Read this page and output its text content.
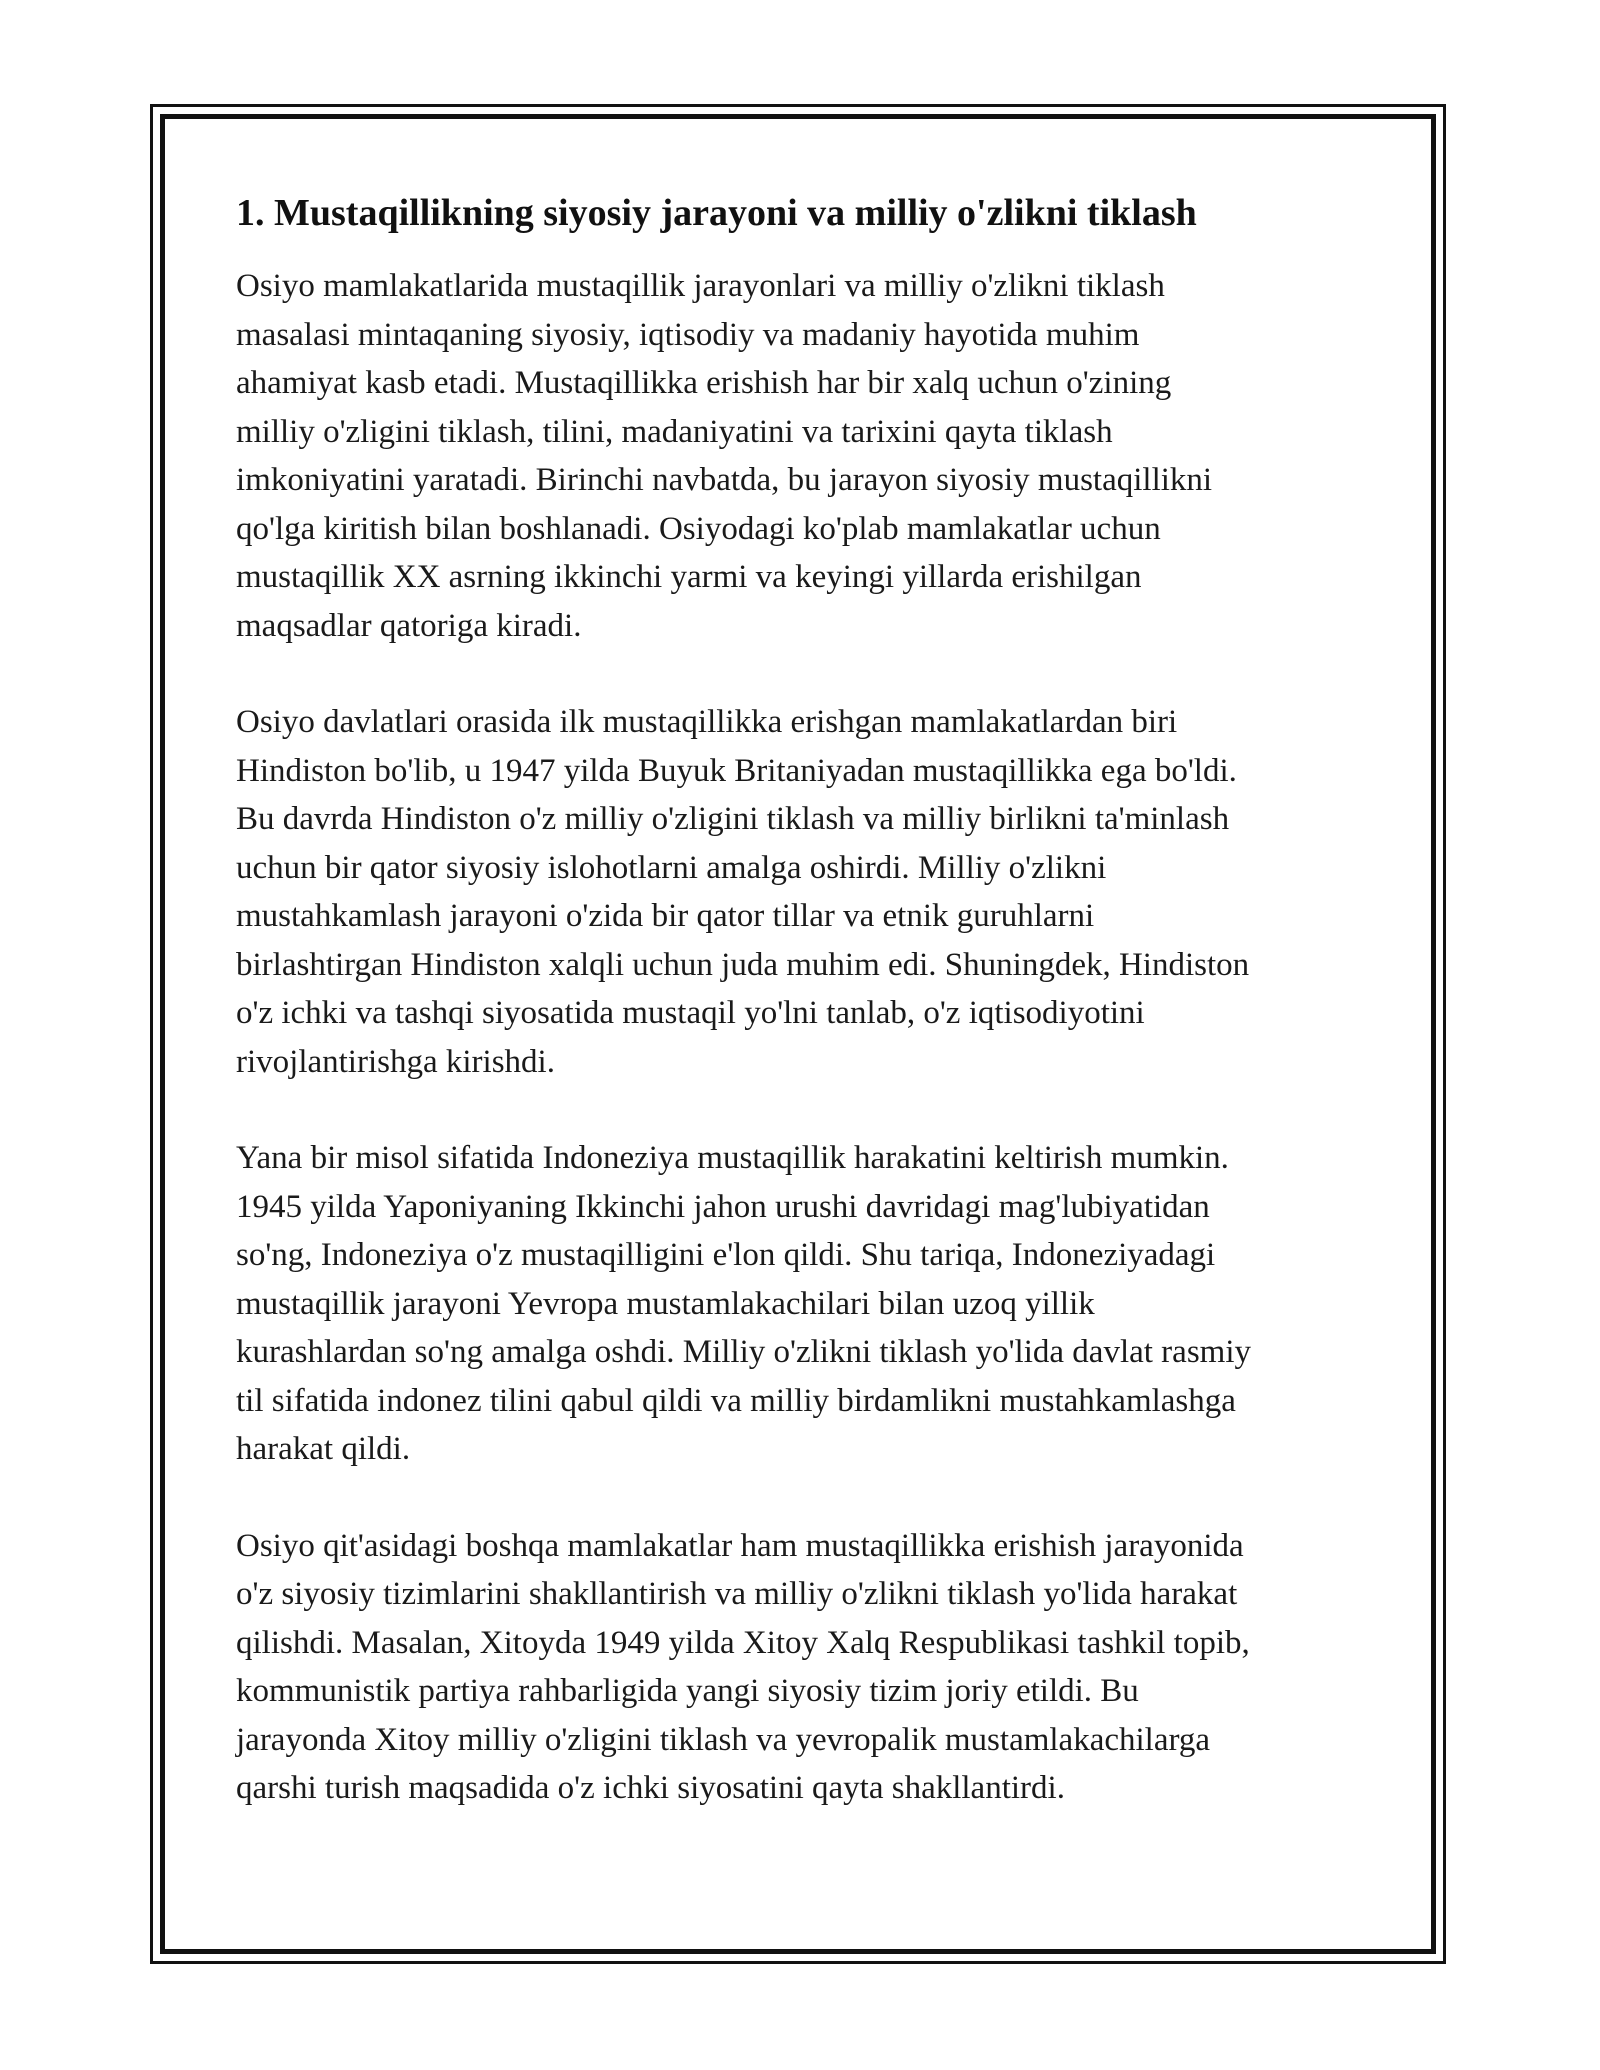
1. Mustaqillikning siyosiy jarayoni va milliy o'zlikni tiklash

Osiyo mamlakatlarida mustaqillik jarayonlari va milliy o'zlikni tiklash
masalasi mintaqaning siyosiy, iqtisodiy va madaniy hayotida muhim
ahamiyat kasb etadi. Mustaqillikka erishish har bir xalq uchun o'zining
milliy o'zligini tiklash, tilini, madaniyatini va tarixini qayta tiklash
imkoniyatini yaratadi. Birinchi navbatda, bu jarayon siyosiy mustaqillikni
qo'lga kiritish bilan boshlanadi. Osiyodagi ko'plab mamlakatlar uchun
mustaqillik XX asrning ikkinchi yarmi va keyingi yillarda erishilgan
maqsadlar qatoriga kiradi.

Osiyo davlatlari orasida ilk mustaqillikka erishgan mamlakatlardan biri
Hindiston bo'lib, u 1947 yilda Buyuk Britaniyadan mustaqillikka ega bo'ldi.
Bu davrda Hindiston o'z milliy o'zligini tiklash va milliy birlikni ta'minlash
uchun bir qator siyosiy islohotlarni amalga oshirdi. Milliy o'zlikni
mustahkamlash jarayoni o'zida bir qator tillar va etnik guruhlarni
birlashtirgan Hindiston xalqli uchun juda muhim edi. Shuningdek, Hindiston
o'z ichki va tashqi siyosatida mustaqil yo'lni tanlab, o'z iqtisodiyotini
rivojlantirishga kirishdi.

Yana bir misol sifatida Indoneziya mustaqillik harakatini keltirish mumkin.
1945 yilda Yaponiyaning Ikkinchi jahon urushi davridagi mag'lubiyatidan
so'ng, Indoneziya o'z mustaqilligini e'lon qildi. Shu tariqa, Indoneziyadagi
mustaqillik jarayoni Yevropa mustamlakachilari bilan uzoq yillik
kurashlardan so'ng amalga oshdi. Milliy o'zlikni tiklash yo'lida davlat rasmiy
til sifatida indonez tilini qabul qildi va milliy birdamlikni mustahkamlashga
harakat qildi.

Osiyo qit'asidagi boshqa mamlakatlar ham mustaqillikka erishish jarayonida
o'z siyosiy tizimlarini shakllantirish va milliy o'zlikni tiklash yo'lida harakat
qilishdi. Masalan, Xitoyda 1949 yilda Xitoy Xalq Respublikasi tashkil topib,
kommunistik partiya rahbarligida yangi siyosiy tizim joriy etildi. Bu
jarayonda Xitoy milliy o'zligini tiklash va yevropalik mustamlakachilarga
qarshi turish maqsadida o'z ichki siyosatini qayta shakllantirdi.
